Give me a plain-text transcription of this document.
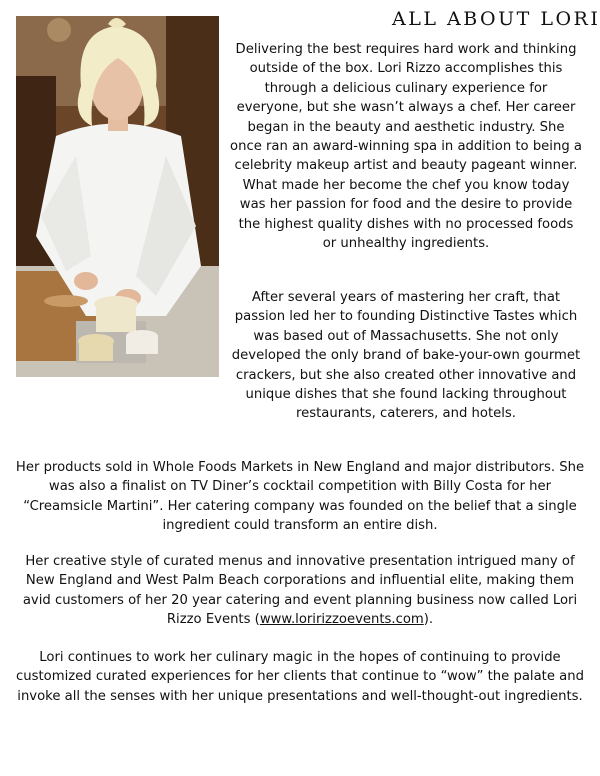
ALL ABOUT LORI

Delivering the best requires hard work and thinking outside of the box. Lori Rizzo accomplishes this through a delicious culinary experience for everyone, but she wasn’t always a chef. Her career began in the beauty and aesthetic industry. She once ran an award-winning spa in addition to being a celebrity makeup artist and beauty pageant winner. What made her become the chef you know today was her passion for food and the desire to provide the highest quality dishes with no processed foods or unhealthy ingredients.

After several years of mastering her craft, that passion led her to founding Distinctive Tastes which was based out of Massachusetts. She not only developed the only brand of bake-your-own gourmet crackers, but she also created other innovative and unique dishes that she found lacking throughout restaurants, caterers, and hotels.

Her products sold in Whole Foods Markets in New England and major distributors. She was also a finalist on TV Diner’s cocktail competition with Billy Costa for her “Creamsicle Martini”. Her catering company was founded on the belief that a single ingredient could transform an entire dish.

Her creative style of curated menus and innovative presentation intrigued many of New England and West Palm Beach corporations and influential elite, making them avid customers of her 20 year catering and event planning business now called Lori Rizzo Events (www.loririzzoevents.com).

Lori continues to work her culinary magic in the hopes of continuing to provide customized curated experiences for her clients that continue to “wow” the palate and invoke all the senses with her unique presentations and well-thought-out ingredients.
